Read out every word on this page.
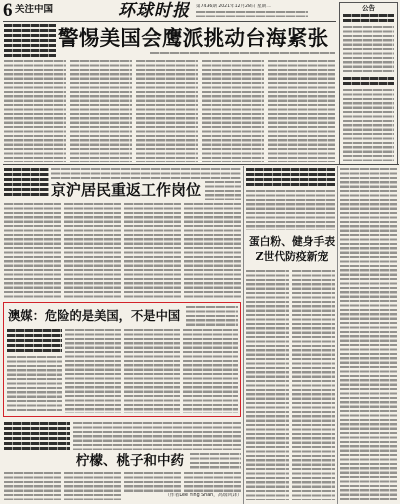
6 关注中国	环球时报 第7436期 2021年12月28日 星期二	公告
警惕美国会鹰派挑动台海紧张
京沪居民重返工作岗位
蛋白粉、健身手表
Z世代防疫新宠
澳媒：危险的是美国，不是中国
柠檬、桃子和中药
（作者Lee Ying Shan，高瑞风译）
